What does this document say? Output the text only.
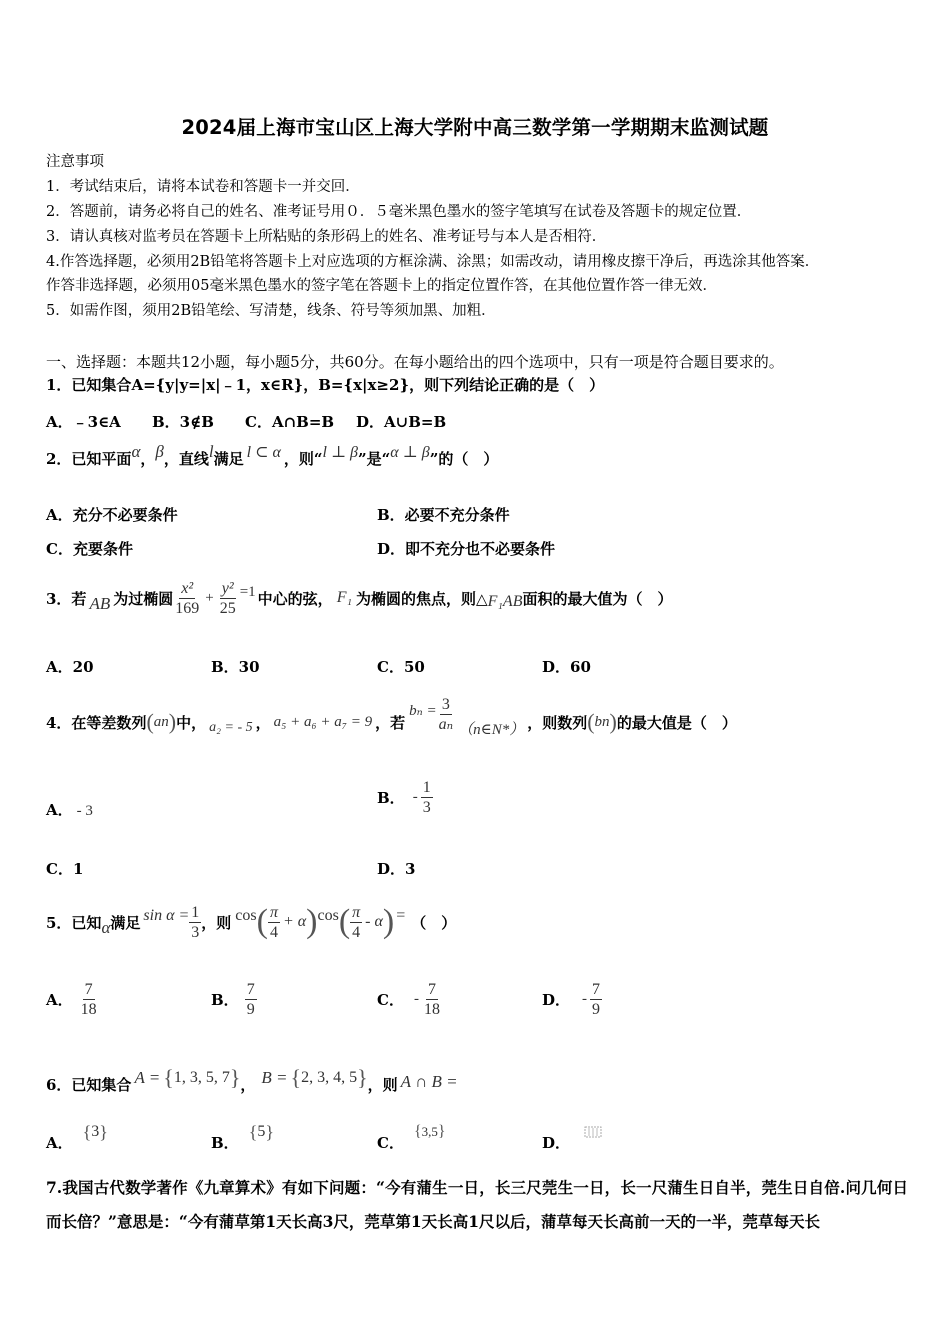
2024届上海市宝山区上海大学附中高三数学第一学期期末监测试题
注意事项
1．考试结束后，请将本试卷和答题卡一并交回．
2．答题前，请务必将自己的姓名、准考证号用０．５毫米黑色墨水的签字笔填写在试卷及答题卡的规定位置．
3．请认真核对监考员在答题卡上所粘贴的条形码上的姓名、准考证号与本人是否相符．
4.作答选择题，必须用2B铅笔将答题卡上对应选项的方框涂满、涂黑；如需改动，请用橡皮擦干净后，再选涂其他答案．
作答非选择题，必须用05毫米黑色墨水的签字笔在答题卡上的指定位置作答，在其他位置作答一律无效．
5．如需作图，须用2B铅笔绘、写清楚，线条、符号等须加黑、加粗．
一、选择题：本题共12小题，每小题5分，共60分。在每小题给出的四个选项中，只有一项是符合题目要求的。
1．已知集合A={y|y=|x|﹣1，x∈R}，B={x|x≥2}，则下列结论正确的是（　）
A．﹣3∈A B．3∉B C．A∩B=B D．A∪B=B
2．已知平面α，β，直线l满足 l ⊂ α ，则“l ⊥ β”是“α ⊥ β”的（　）
A．充分不必要条件	B．必要不充分条件
C．充要条件	D．即不充分也不必要条件
3．若 AB 为过椭圆 $\frac{\text{x²}}{169} + \frac{\text{y²}}{25} =1$ 中心的弦， F₁ 为椭圆的焦点，则△ F₁AB 面积的最大值为（　）
A．20	B．30	C．50	D．60
4．在等差数列 ( an ) 中， a₂ = - 5 ， a₅ + a₆ + a₇ = 9 ，若
$b_n = \frac{3}{\text{aₙ}}$ （n∈N*） ，则数列 ( bn ) 的最大值是（　）
A． - 3
B． - $\frac{1}{3}$
C．1	D．3
5．已知 α 满足 $\sin \alpha = \frac{1}{3}$ ，则 cos ( $\frac{\pi}{4} + \alpha$ ) cos ( $\frac{\pi}{4}$ - α ) = （　）
A． $\frac{7}{18}$	B． $\frac{7}{9}$	C． - $\frac{7}{18}$	D． - $\frac{7}{9}$
6．已知集合 A = { 1, 3, 5, 7 } ， B = { 2, 3, 4, 5 } ，则 A ∩ B =
A．
{ 3 }
B．
{ 5 }
C．
{ 3,5 }
D．
7.我国古代数学著作《九章算术》有如下问题：“今有蒲生一日，长三尺莞生一日，长一尺蒲生日自半，莞生日自倍.问几何日而长倍？”意思是：“今有蒲草第1天长高3尺，莞草第1天长高1尺以后，蒲草每天长高前一天的一半，莞草每天长
